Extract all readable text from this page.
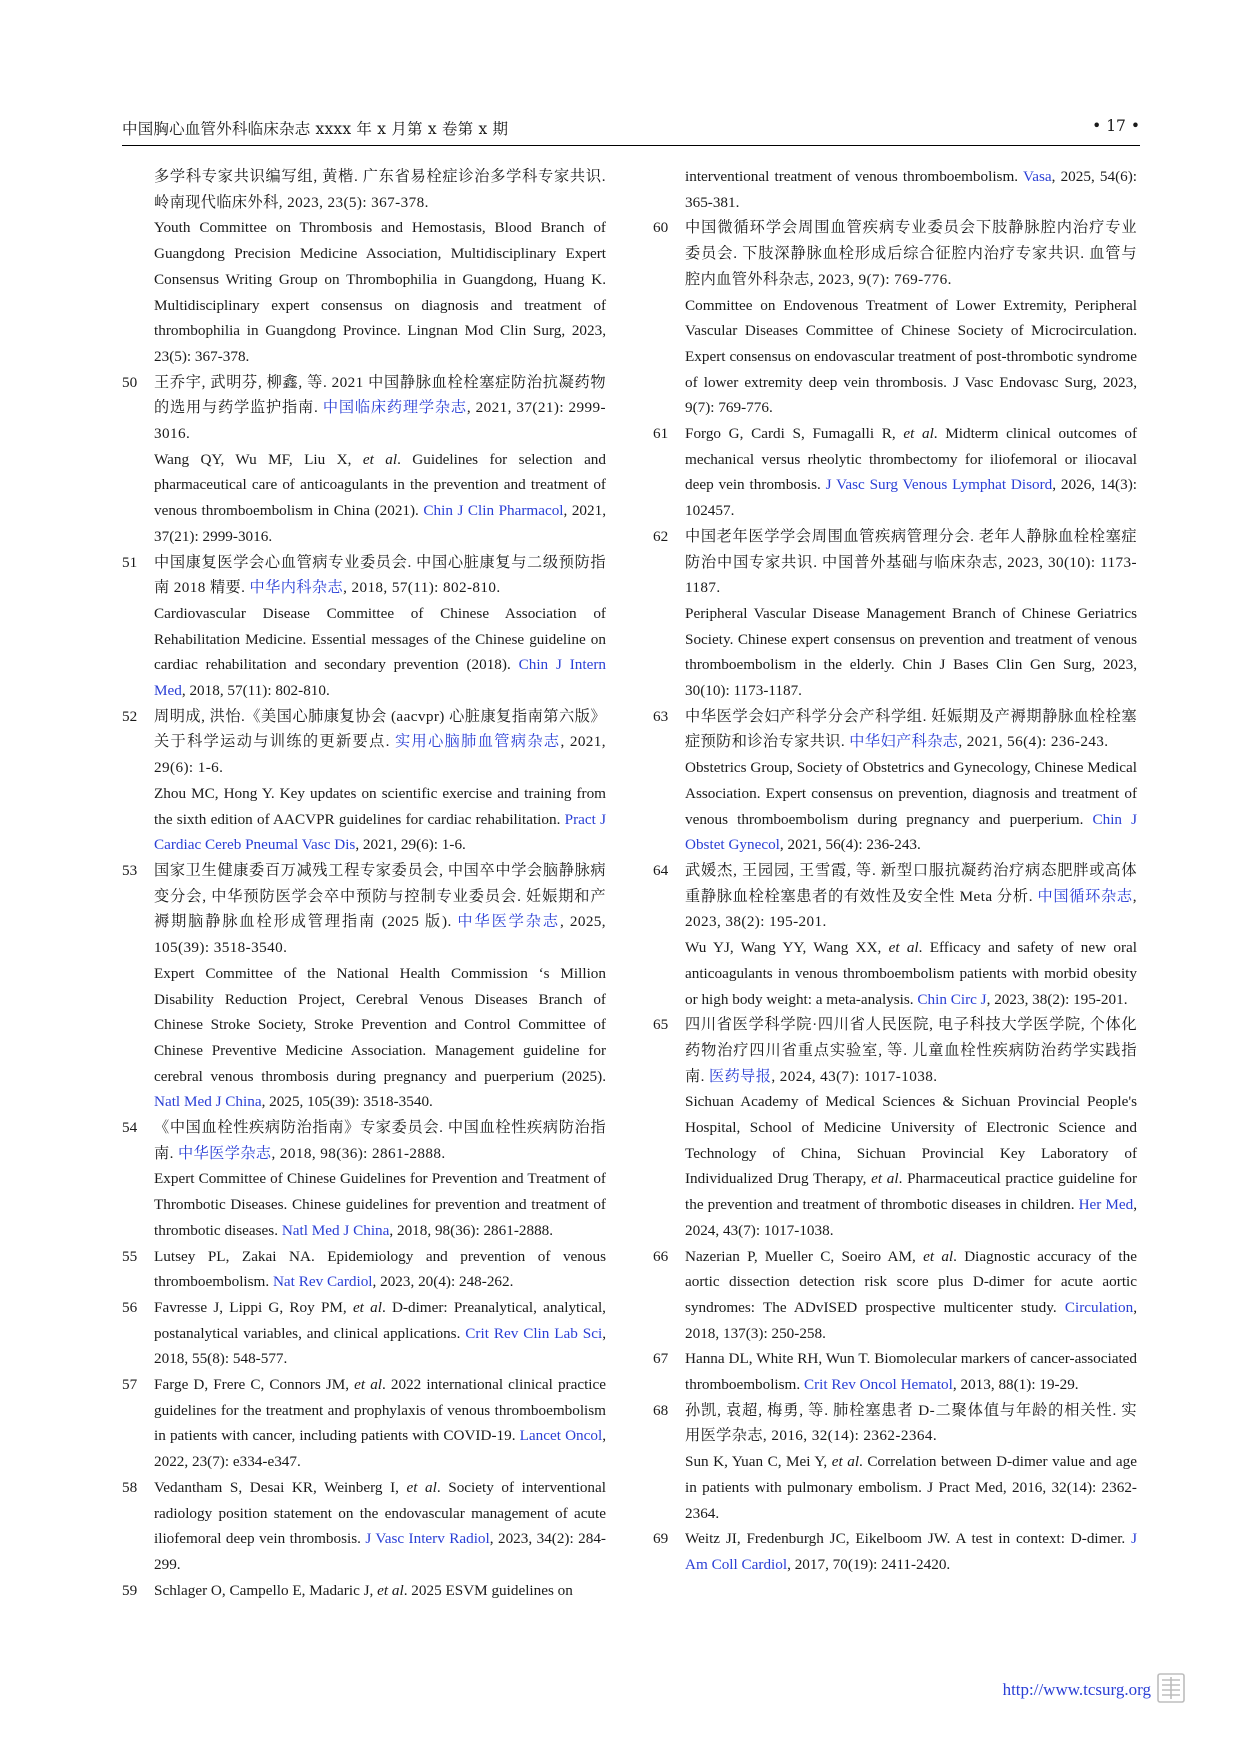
中国胸心血管外科临床杂志 xxxx 年 x 月第 x 卷第 x 期	• 17 •

多学科专家共识编写组, 黄楷. 广东省易栓症诊治多学科专家共识. 岭南现代临床外科, 2023, 23(5): 367-378.

Youth Committee on Thrombosis and Hemostasis, Blood Branch of Guangdong Precision Medicine Association, Multidisciplinary Expert Consensus Writing Group on Thrombophilia in Guangdong, Huang K. Multidisciplinary expert consensus on diagnosis and treatment of thrombophilia in Guangdong Province. Lingnan Mod Clin Surg, 2023, 23(5): 367-378.

50 王乔宇, 武明芬, 柳鑫, 等. 2021 中国静脉血栓栓塞症防治抗凝药物的选用与药学监护指南. 中国临床药理学杂志, 2021, 37(21): 2999-3016.

Wang QY, Wu MF, Liu X, et al. Guidelines for selection and pharmaceutical care of anticoagulants in the prevention and treatment of venous thromboembolism in China (2021). Chin J Clin Pharmacol, 2021, 37(21): 2999-3016.

51 中国康复医学会心血管病专业委员会. 中国心脏康复与二级预防指南 2018 精要. 中华内科杂志, 2018, 57(11): 802-810.

Cardiovascular Disease Committee of Chinese Association of Rehabilitation Medicine. Essential messages of the Chinese guideline on cardiac rehabilitation and secondary prevention (2018). Chin J Intern Med, 2018, 57(11): 802-810.

52 周明成, 洪怡.《美国心肺康复协会 (aacvpr) 心脏康复指南第六版》关于科学运动与训练的更新要点. 实用心脑肺血管病杂志, 2021, 29(6): 1-6.

Zhou MC, Hong Y. Key updates on scientific exercise and training from the sixth edition of AACVPR guidelines for cardiac rehabilitation. Pract J Cardiac Cereb Pneumal Vasc Dis, 2021, 29(6): 1-6.

53 国家卫生健康委百万减残工程专家委员会, 中国卒中学会脑静脉病变分会, 中华预防医学会卒中预防与控制专业委员会. 妊娠期和产褥期脑静脉血栓形成管理指南 (2025 版). 中华医学杂志, 2025, 105(39): 3518-3540.

Expert Committee of the National Health Commission ‘s Million Disability Reduction Project, Cerebral Venous Diseases Branch of Chinese Stroke Society, Stroke Prevention and Control Committee of Chinese Preventive Medicine Association. Management guideline for cerebral venous thrombosis during pregnancy and puerperium (2025). Natl Med J China, 2025, 105(39): 3518-3540.

54 《中国血栓性疾病防治指南》专家委员会. 中国血栓性疾病防治指南. 中华医学杂志, 2018, 98(36): 2861-2888.

Expert Committee of Chinese Guidelines for Prevention and Treatment of Thrombotic Diseases. Chinese guidelines for prevention and treatment of thrombotic diseases. Natl Med J China, 2018, 98(36): 2861-2888.

55 Lutsey PL, Zakai NA. Epidemiology and prevention of venous thromboembolism. Nat Rev Cardiol, 2023, 20(4): 248-262.

56 Favresse J, Lippi G, Roy PM, et al. D-dimer: Preanalytical, analytical, postanalytical variables, and clinical applications. Crit Rev Clin Lab Sci, 2018, 55(8): 548-577.

57 Farge D, Frere C, Connors JM, et al. 2022 international clinical practice guidelines for the treatment and prophylaxis of venous thromboembolism in patients with cancer, including patients with COVID-19. Lancet Oncol, 2022, 23(7): e334-e347.

58 Vedantham S, Desai KR, Weinberg I, et al. Society of interventional radiology position statement on the endovascular management of acute iliofemoral deep vein thrombosis. J Vasc Interv Radiol, 2023, 34(2): 284-299.

59 Schlager O, Campello E, Madaric J, et al. 2025 ESVM guidelines on

interventional treatment of venous thromboembolism. Vasa, 2025, 54(6): 365-381.

60 中国微循环学会周围血管疾病专业委员会下肢静脉腔内治疗专业委员会. 下肢深静脉血栓形成后综合征腔内治疗专家共识. 血管与腔内血管外科杂志, 2023, 9(7): 769-776.

Committee on Endovenous Treatment of Lower Extremity, Peripheral Vascular Diseases Committee of Chinese Society of Microcirculation. Expert consensus on endovascular treatment of post-thrombotic syndrome of lower extremity deep vein thrombosis. J Vasc Endovasc Surg, 2023, 9(7): 769-776.

61 Forgo G, Cardi S, Fumagalli R, et al. Midterm clinical outcomes of mechanical versus rheolytic thrombectomy for iliofemoral or iliocaval deep vein thrombosis. J Vasc Surg Venous Lymphat Disord, 2026, 14(3): 102457.

62 中国老年医学学会周围血管疾病管理分会. 老年人静脉血栓栓塞症防治中国专家共识. 中国普外基础与临床杂志, 2023, 30(10): 1173-1187.

Peripheral Vascular Disease Management Branch of Chinese Geriatrics Society. Chinese expert consensus on prevention and treatment of venous thromboembolism in the elderly. Chin J Bases Clin Gen Surg, 2023, 30(10): 1173-1187.

63 中华医学会妇产科学分会产科学组. 妊娠期及产褥期静脉血栓栓塞症预防和诊治专家共识. 中华妇产科杂志, 2021, 56(4): 236-243.

Obstetrics Group, Society of Obstetrics and Gynecology, Chinese Medical Association. Expert consensus on prevention, diagnosis and treatment of venous thromboembolism during pregnancy and puerperium. Chin J Obstet Gynecol, 2021, 56(4): 236-243.

64 武媛杰, 王园园, 王雪霞, 等. 新型口服抗凝药治疗病态肥胖或高体重静脉血栓栓塞患者的有效性及安全性 Meta 分析. 中国循环杂志, 2023, 38(2): 195-201.

Wu YJ, Wang YY, Wang XX, et al. Efficacy and safety of new oral anticoagulants in venous thromboembolism patients with morbid obesity or high body weight: a meta-analysis. Chin Circ J, 2023, 38(2): 195-201.

65 四川省医学科学院·四川省人民医院, 电子科技大学医学院, 个体化药物治疗四川省重点实验室, 等. 儿童血栓性疾病防治药学实践指南. 医药导报, 2024, 43(7): 1017-1038.

Sichuan Academy of Medical Sciences & Sichuan Provincial People's Hospital, School of Medicine University of Electronic Science and Technology of China, Sichuan Provincial Key Laboratory of Individualized Drug Therapy, et al. Pharmaceutical practice guideline for the prevention and treatment of thrombotic diseases in children. Her Med, 2024, 43(7): 1017-1038.

66 Nazerian P, Mueller C, Soeiro AM, et al. Diagnostic accuracy of the aortic dissection detection risk score plus D-dimer for acute aortic syndromes: The ADvISED prospective multicenter study. Circulation, 2018, 137(3): 250-258.

67 Hanna DL, White RH, Wun T. Biomolecular markers of cancer-associated thromboembolism. Crit Rev Oncol Hematol, 2013, 88(1): 19-29.

68 孙凯, 袁超, 梅勇, 等. 肺栓塞患者 D-二聚体值与年龄的相关性. 实用医学杂志, 2016, 32(14): 2362-2364.

Sun K, Yuan C, Mei Y, et al. Correlation between D-dimer value and age in patients with pulmonary embolism. J Pract Med, 2016, 32(14): 2362-2364.

69 Weitz JI, Fredenburgh JC, Eikelboom JW. A test in context: D-dimer. J Am Coll Cardiol, 2017, 70(19): 2411-2420.

http://www.tcsurg.org
